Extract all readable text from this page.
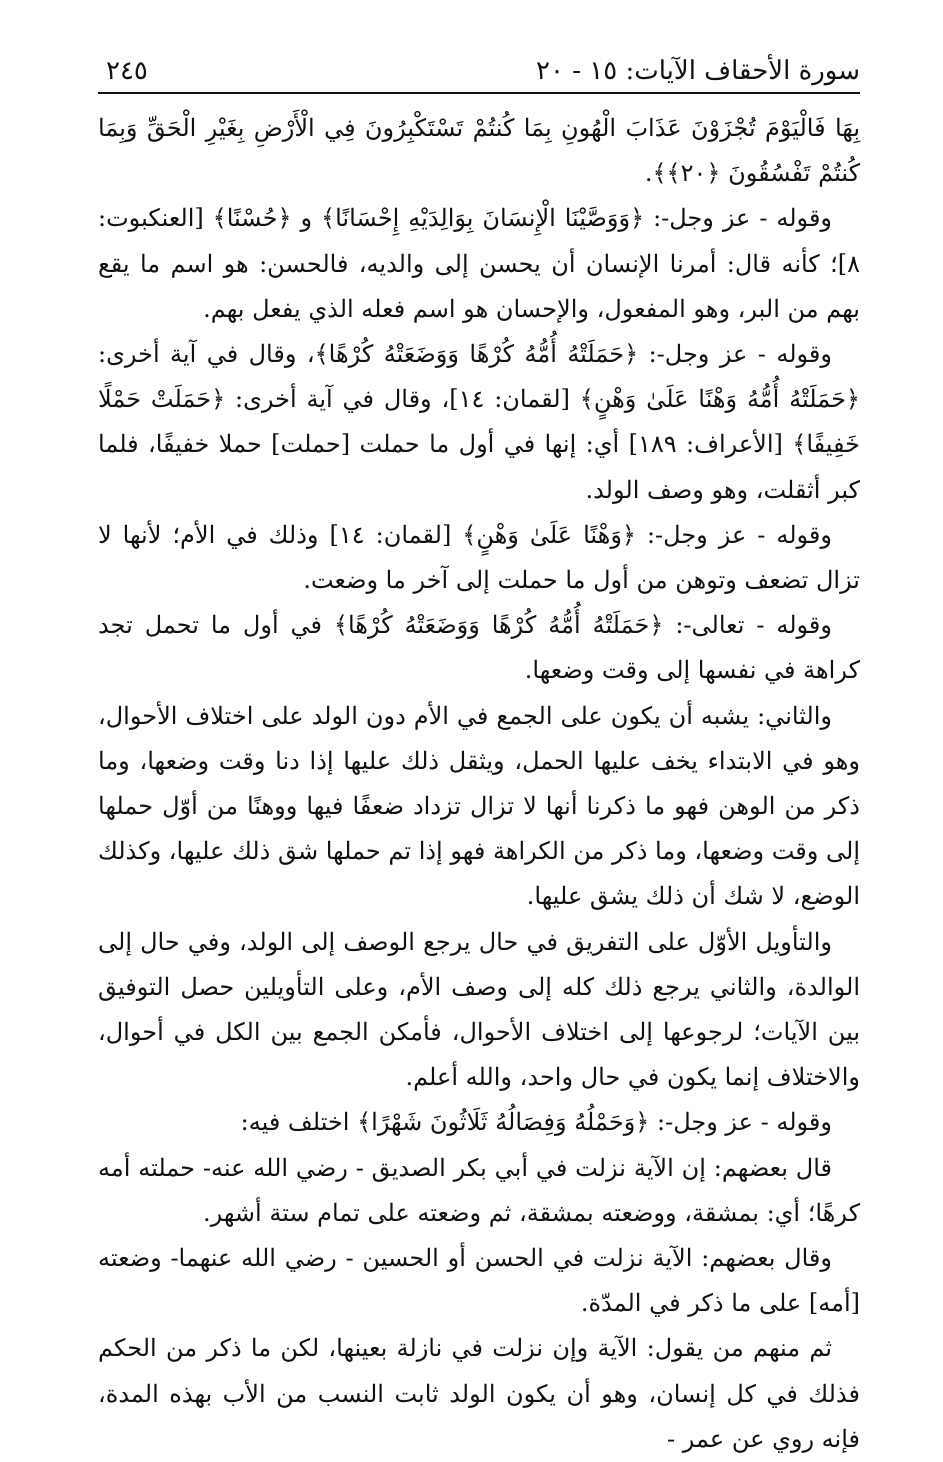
سورة الأحقاف الآيات: ١٥ - ٢٠
٢٤٥

بِهَا فَالْيَوْمَ تُجْزَوْنَ عَذَابَ الْهُونِ بِمَا كُنتُمْ تَسْتَكْبِرُونَ فِي الْأَرْضِ بِغَيْرِ الْحَقِّ وَبِمَا كُنتُمْ تَفْسُقُونَ ﴿٢٠﴾﴾.

وقوله - عز وجل-: ﴿وَوَصَّيْنَا الْإِنسَانَ بِوَالِدَيْهِ إِحْسَانًا﴾ و ﴿حُسْنًا﴾ [العنكبوت: ٨]؛ كأنه قال: أمرنا الإنسان أن يحسن إلى والديه، فالحسن: هو اسم ما يقع بهم من البر، وهو المفعول، والإحسان هو اسم فعله الذي يفعل بهم.

وقوله - عز وجل-: ﴿حَمَلَتْهُ أُمُّهُ كُرْهًا وَوَضَعَتْهُ كُرْهًا﴾، وقال في آية أخرى: ﴿حَمَلَتْهُ أُمُّهُ وَهْنًا عَلَىٰ وَهْنٍ﴾ [لقمان: ١٤]، وقال في آية أخرى: ﴿حَمَلَتْ حَمْلًا خَفِيفًا﴾ [الأعراف: ١٨٩] أي: إنها في أول ما حملت [حملت] حملا خفيفًا، فلما كبر أثقلت، وهو وصف الولد.

وقوله - عز وجل-: ﴿وَهْنًا عَلَىٰ وَهْنٍ﴾ [لقمان: ١٤] وذلك في الأم؛ لأنها لا تزال تضعف وتوهن من أول ما حملت إلى آخر ما وضعت.

وقوله - تعالى-: ﴿حَمَلَتْهُ أُمُّهُ كُرْهًا وَوَضَعَتْهُ كُرْهًا﴾ في أول ما تحمل تجد كراهة في نفسها إلى وقت وضعها.

والثاني: يشبه أن يكون على الجمع في الأم دون الولد على اختلاف الأحوال، وهو في الابتداء يخف عليها الحمل، ويثقل ذلك عليها إذا دنا وقت وضعها، وما ذكر من الوهن فهو ما ذكرنا أنها لا تزال تزداد ضعفًا فيها ووهنًا من أوّل حملها إلى وقت وضعها، وما ذكر من الكراهة فهو إذا تم حملها شق ذلك عليها، وكذلك الوضع، لا شك أن ذلك يشق عليها.

والتأويل الأوّل على التفريق في حال يرجع الوصف إلى الولد، وفي حال إلى الوالدة، والثاني يرجع ذلك كله إلى وصف الأم، وعلى التأويلين حصل التوفيق بين الآيات؛ لرجوعها إلى اختلاف الأحوال، فأمكن الجمع بين الكل في أحوال، والاختلاف إنما يكون في حال واحد، والله أعلم.

وقوله - عز وجل-: ﴿وَحَمْلُهُ وَفِصَالُهُ ثَلَاثُونَ شَهْرًا﴾ اختلف فيه:

قال بعضهم: إن الآية نزلت في أبي بكر الصديق - رضي الله عنه- حملته أمه كرهًا؛ أي: بمشقة، ووضعته بمشقة، ثم وضعته على تمام ستة أشهر.

وقال بعضهم: الآية نزلت في الحسن أو الحسين - رضي الله عنهما- وضعته [أمه] على ما ذكر في المدّة.

ثم منهم من يقول: الآية وإن نزلت في نازلة بعينها، لكن ما ذكر من الحكم فذلك في كل إنسان، وهو أن يكون الولد ثابت النسب من الأب بهذه المدة، فإنه روي عن عمر -
